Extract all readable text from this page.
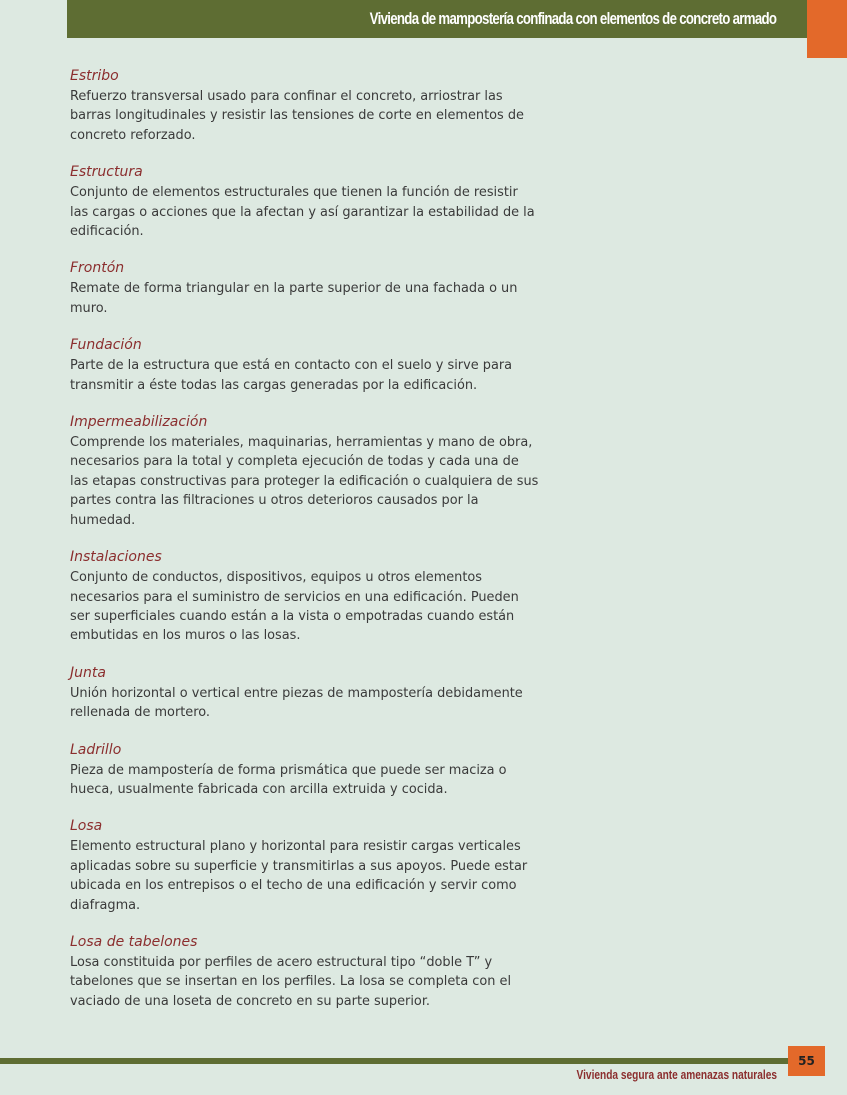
Vivienda de mampostería confinada con elementos de concreto armado
Estribo
Refuerzo transversal usado para confinar el concreto, arriostrar las barras longitudinales y resistir las tensiones de corte en elementos de concreto reforzado.
Estructura
Conjunto de elementos estructurales que tienen la función de resistir las cargas o acciones que la afectan y así garantizar la estabilidad de la edificación.
Frontón
Remate de forma triangular en la parte superior de una fachada o un muro.
Fundación
Parte de la estructura que está en contacto con el suelo y sirve para transmitir a éste todas las cargas generadas por la edificación.
Impermeabilización
Comprende los materiales, maquinarias, herramientas y mano de obra, necesarios para la total y completa ejecución de todas y cada una de las etapas constructivas para proteger la edificación o cualquiera de sus partes contra las filtraciones u otros deterioros causados por la humedad.
Instalaciones
Conjunto de conductos, dispositivos, equipos u otros elementos necesarios para el suministro de servicios en una edificación. Pueden ser superficiales cuando están a la vista o empotradas cuando están embutidas en los muros o las losas.
Junta
Unión horizontal o vertical entre piezas de mampostería debidamente rellenada de mortero.
Ladrillo
Pieza de mampostería de forma prismática que puede ser maciza o hueca, usualmente fabricada con arcilla extruida y cocida.
Losa
Elemento estructural plano y horizontal para resistir cargas verticales aplicadas sobre su superficie y transmitirlas a sus apoyos. Puede estar ubicada en los entrepisos o el techo de una edificación y servir como diafragma.
Losa de tabelones
Losa constituida por perfiles de acero estructural tipo “doble T” y tabelones que se insertan en los perfiles. La losa se completa con el vaciado de una loseta de concreto en su parte superior.
Vivienda segura ante amenazas naturales
55
